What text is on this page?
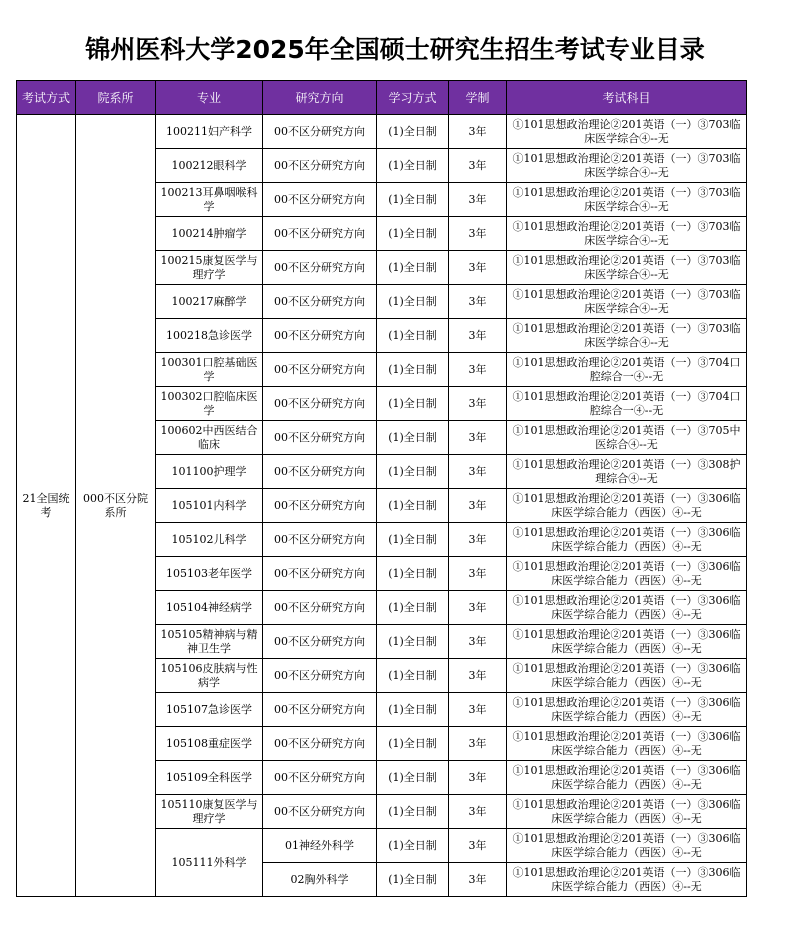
锦州医科大学2025年全国硕士研究生招生考试专业目录
考试方式	院系所	专业	研究方向	学习方式	学制	考试科目
21全国统考	000不区分院系所	100211妇产科学	00不区分研究方向	(1)全日制	3年	①101思想政治理论②201英语（一）③703临床医学综合④--无
		100212眼科学	00不区分研究方向	(1)全日制	3年	①101思想政治理论②201英语（一）③703临床医学综合④--无
		100213耳鼻咽喉科学	00不区分研究方向	(1)全日制	3年	①101思想政治理论②201英语（一）③703临床医学综合④--无
		100214肿瘤学	00不区分研究方向	(1)全日制	3年	①101思想政治理论②201英语（一）③703临床医学综合④--无
		100215康复医学与理疗学	00不区分研究方向	(1)全日制	3年	①101思想政治理论②201英语（一）③703临床医学综合④--无
		100217麻醉学	00不区分研究方向	(1)全日制	3年	①101思想政治理论②201英语（一）③703临床医学综合④--无
		100218急诊医学	00不区分研究方向	(1)全日制	3年	①101思想政治理论②201英语（一）③703临床医学综合④--无
		100301口腔基础医学	00不区分研究方向	(1)全日制	3年	①101思想政治理论②201英语（一）③704口腔综合一④--无
		100302口腔临床医学	00不区分研究方向	(1)全日制	3年	①101思想政治理论②201英语（一）③704口腔综合一④--无
		100602中西医结合临床	00不区分研究方向	(1)全日制	3年	①101思想政治理论②201英语（一）③705中医综合④--无
		101100护理学	00不区分研究方向	(1)全日制	3年	①101思想政治理论②201英语（一）③308护理综合④--无
		105101内科学	00不区分研究方向	(1)全日制	3年	①101思想政治理论②201英语（一）③306临床医学综合能力（西医）④--无
		105102儿科学	00不区分研究方向	(1)全日制	3年	①101思想政治理论②201英语（一）③306临床医学综合能力（西医）④--无
		105103老年医学	00不区分研究方向	(1)全日制	3年	①101思想政治理论②201英语（一）③306临床医学综合能力（西医）④--无
		105104神经病学	00不区分研究方向	(1)全日制	3年	①101思想政治理论②201英语（一）③306临床医学综合能力（西医）④--无
		105105精神病与精神卫生学	00不区分研究方向	(1)全日制	3年	①101思想政治理论②201英语（一）③306临床医学综合能力（西医）④--无
		105106皮肤病与性病学	00不区分研究方向	(1)全日制	3年	①101思想政治理论②201英语（一）③306临床医学综合能力（西医）④--无
		105107急诊医学	00不区分研究方向	(1)全日制	3年	①101思想政治理论②201英语（一）③306临床医学综合能力（西医）④--无
		105108重症医学	00不区分研究方向	(1)全日制	3年	①101思想政治理论②201英语（一）③306临床医学综合能力（西医）④--无
		105109全科医学	00不区分研究方向	(1)全日制	3年	①101思想政治理论②201英语（一）③306临床医学综合能力（西医）④--无
		105110康复医学与理疗学	00不区分研究方向	(1)全日制	3年	①101思想政治理论②201英语（一）③306临床医学综合能力（西医）④--无
		105111外科学	01神经外科学	(1)全日制	3年	①101思想政治理论②201英语（一）③306临床医学综合能力（西医）④--无
			02胸外科学	(1)全日制	3年	①101思想政治理论②201英语（一）③306临床医学综合能力（西医）④--无
